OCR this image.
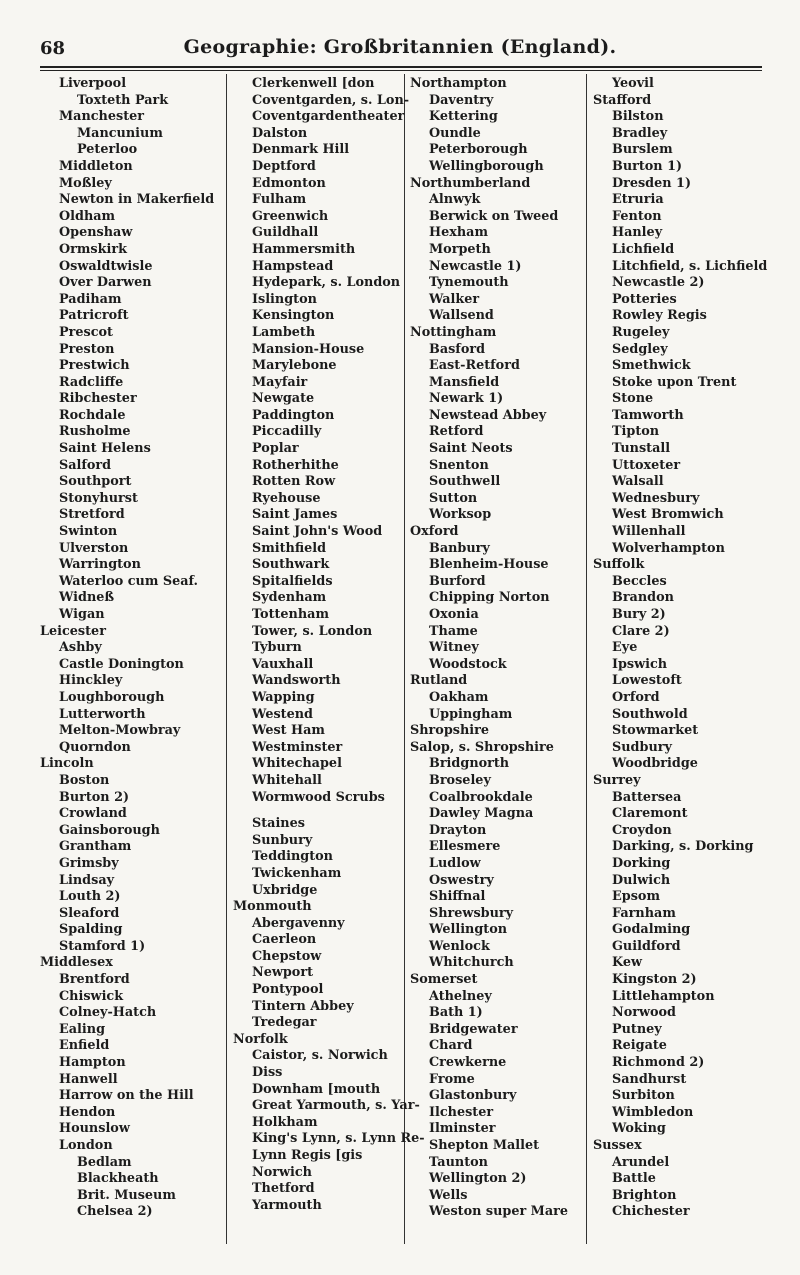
68	Geographie: Großbritannien (England).
Liverpool
Toxteth Park
Manchester
Mancunium
Peterloo
Middleton
Moßley
Newton in Makerfield
Oldham
Openshaw
Ormskirk
Oswaldtwisle
Over Darwen
Padiham
Patricroft
Prescot
Preston
Prestwich
Radcliffe
Ribchester
Rochdale
Rusholme
Saint Helens
Salford
Southport
Stonyhurst
Stretford
Swinton
Ulverston
Warrington
Waterloo cum Seaf.
Widneß
Wigan
Leicester
Ashby
Castle Donington
Hinckley
Loughborough
Lutterworth
Melton-Mowbray
Quorndon
Lincoln
Boston
Burton 2)
Crowland
Gainsborough
Grantham
Grimsby
Lindsay
Louth 2)
Sleaford
Spalding
Stamford 1)
Middlesex
Brentford
Chiswick
Colney-Hatch
Ealing
Enfield
Hampton
Hanwell
Harrow on the Hill
Hendon
Hounslow
London
Bedlam
Blackheath
Brit. Museum
Chelsea 2)
Clerkenwell [don
Coventgarden, s. Lon-
Coventgardentheater
Dalston
Denmark Hill
Deptford
Edmonton
Fulham
Greenwich
Guildhall
Hammersmith
Hampstead
Hydepark, s. London
Islington
Kensington
Lambeth
Mansion-House
Marylebone
Mayfair
Newgate
Paddington
Piccadilly
Poplar
Rotherhithe
Rotten Row
Ryehouse
Saint James
Saint John's Wood
Smithfield
Southwark
Spitalfields
Sydenham
Tottenham
Tower, s. London
Tyburn
Vauxhall
Wandsworth
Wapping
Westend
West Ham
Westminster
Whitechapel
Whitehall
Wormwood Scrubs
Staines
Sunbury
Teddington
Twickenham
Uxbridge
Monmouth
Abergavenny
Caerleon
Chepstow
Newport
Pontypool
Tintern Abbey
Tredegar
Norfolk
Caistor, s. Norwich
Diss
Downham [mouth
Great Yarmouth, s. Yar-
Holkham
King's Lynn, s. Lynn Re-
Lynn Regis [gis
Norwich
Thetford
Yarmouth
Northampton
Daventry
Kettering
Oundle
Peterborough
Wellingborough
Northumberland
Alnwyk
Berwick on Tweed
Hexham
Morpeth
Newcastle 1)
Tynemouth
Walker
Wallsend
Nottingham
Basford
East-Retford
Mansfield
Newark 1)
Newstead Abbey
Retford
Saint Neots
Snenton
Southwell
Sutton
Worksop
Oxford
Banbury
Blenheim-House
Burford
Chipping Norton
Oxonia
Thame
Witney
Woodstock
Rutland
Oakham
Uppingham
Shropshire
Salop, s. Shropshire
Bridgnorth
Broseley
Coalbrookdale
Dawley Magna
Drayton
Ellesmere
Ludlow
Oswestry
Shiffnal
Shrewsbury
Wellington
Wenlock
Whitchurch
Somerset
Athelney
Bath 1)
Bridgewater
Chard
Crewkerne
Frome
Glastonbury
Ilchester
Ilminster
Shepton Mallet
Taunton
Wellington 2)
Wells
Weston super Mare
Yeovil
Stafford
Bilston
Bradley
Burslem
Burton 1)
Dresden 1)
Etruria
Fenton
Hanley
Lichfield
Litchfield, s. Lichfield
Newcastle 2)
Potteries
Rowley Regis
Rugeley
Sedgley
Smethwick
Stoke upon Trent
Stone
Tamworth
Tipton
Tunstall
Uttoxeter
Walsall
Wednesbury
West Bromwich
Willenhall
Wolverhampton
Suffolk
Beccles
Brandon
Bury 2)
Clare 2)
Eye
Ipswich
Lowestoft
Orford
Southwold
Stowmarket
Sudbury
Woodbridge
Surrey
Battersea
Claremont
Croydon
Darking, s. Dorking
Dorking
Dulwich
Epsom
Farnham
Godalming
Guildford
Kew
Kingston 2)
Littlehampton
Norwood
Putney
Reigate
Richmond 2)
Sandhurst
Surbiton
Wimbledon
Woking
Sussex
Arundel
Battle
Brighton
Chichester
